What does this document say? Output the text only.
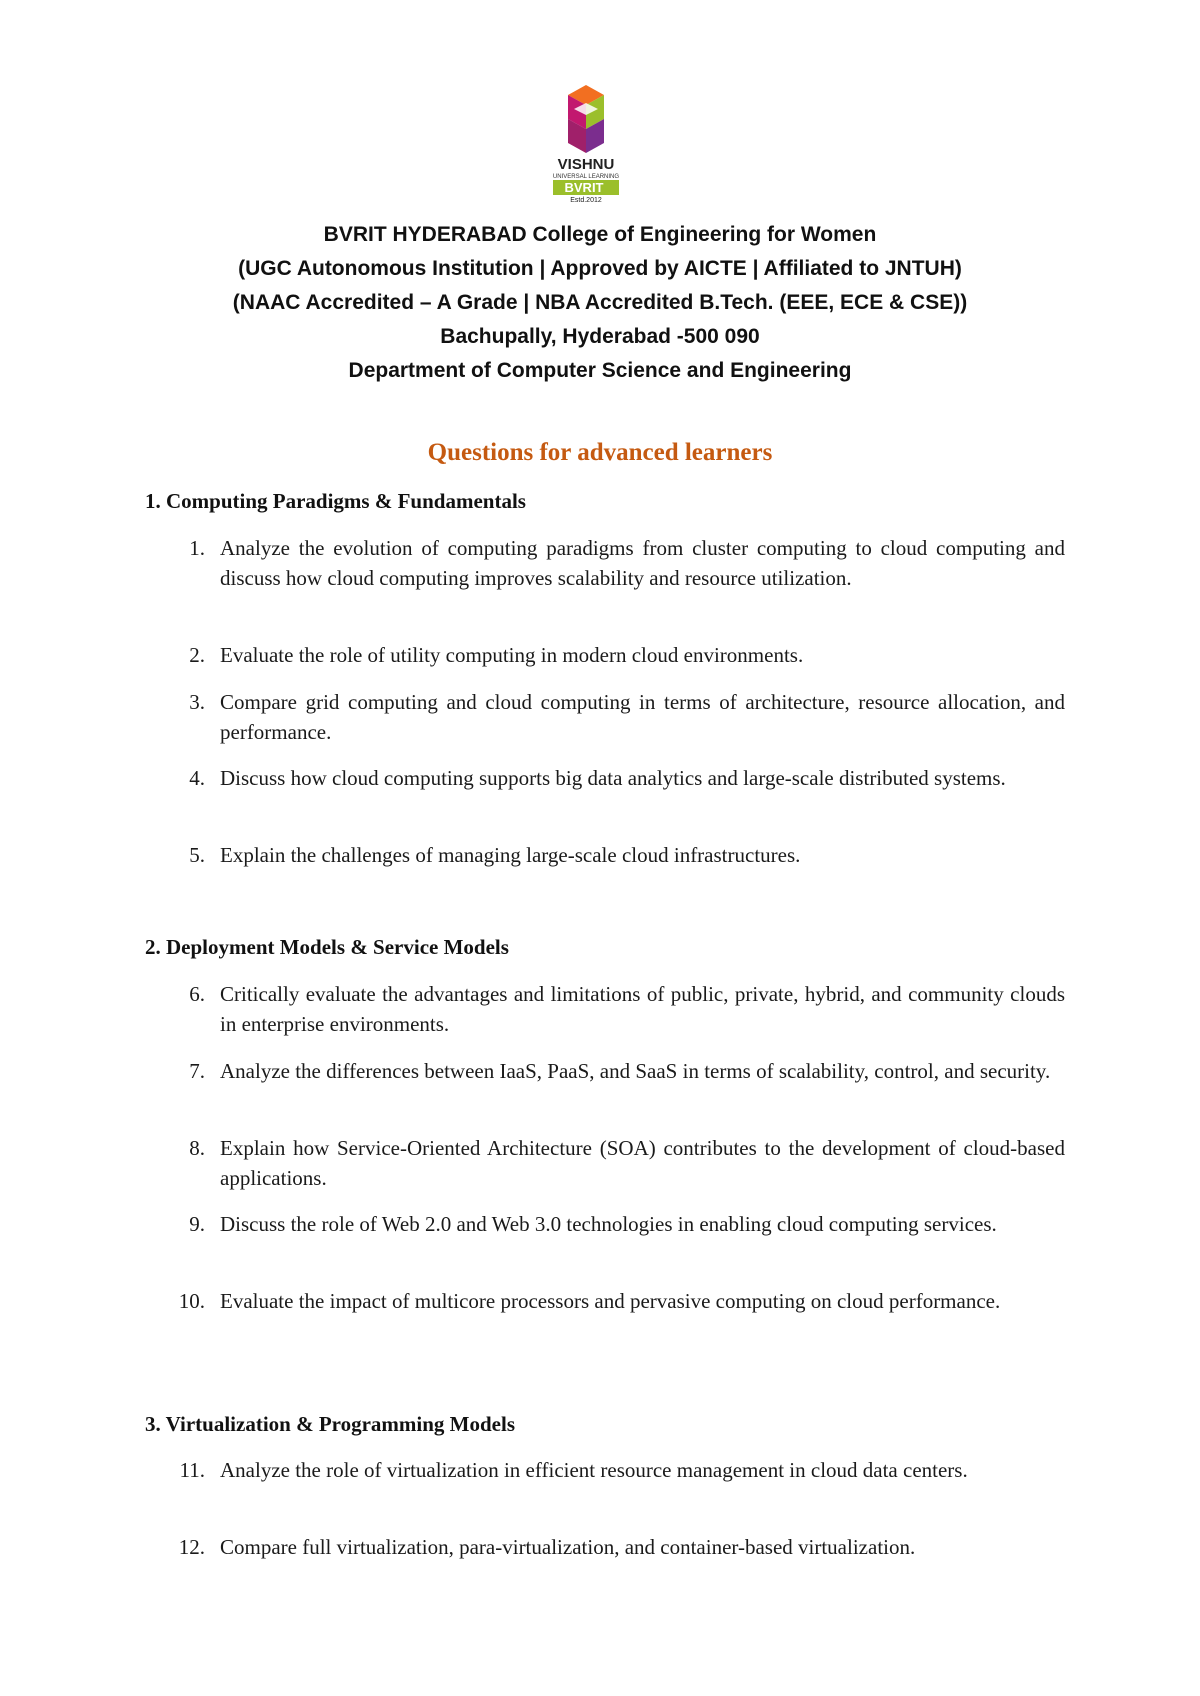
VISHNU
UNIVERSAL LEARNING
BVRIT
Estd.2012
BVRIT HYDERABAD College of Engineering for Women
(UGC Autonomous Institution | Approved by AICTE | Affiliated to JNTUH)
(NAAC Accredited – A Grade | NBA Accredited B.Tech. (EEE, ECE & CSE))
Bachupally, Hyderabad -500 090
Department of Computer Science and Engineering
Questions for advanced learners
1. Computing Paradigms & Fundamentals
1. Analyze the evolution of computing paradigms from cluster computing to cloud computing and discuss how cloud computing improves scalability and resource utilization.
2. Evaluate the role of utility computing in modern cloud environments.
3. Compare grid computing and cloud computing in terms of architecture, resource allocation, and performance.
4. Discuss how cloud computing supports big data analytics and large-scale distributed systems.
5. Explain the challenges of managing large-scale cloud infrastructures.
2. Deployment Models & Service Models
6. Critically evaluate the advantages and limitations of public, private, hybrid, and community clouds in enterprise environments.
7. Analyze the differences between IaaS, PaaS, and SaaS in terms of scalability, control, and security.
8. Explain how Service-Oriented Architecture (SOA) contributes to the development of cloud-based applications.
9. Discuss the role of Web 2.0 and Web 3.0 technologies in enabling cloud computing services.
10. Evaluate the impact of multicore processors and pervasive computing on cloud performance.
3. Virtualization & Programming Models
11. Analyze the role of virtualization in efficient resource management in cloud data centers.
12. Compare full virtualization, para-virtualization, and container-based virtualization.
